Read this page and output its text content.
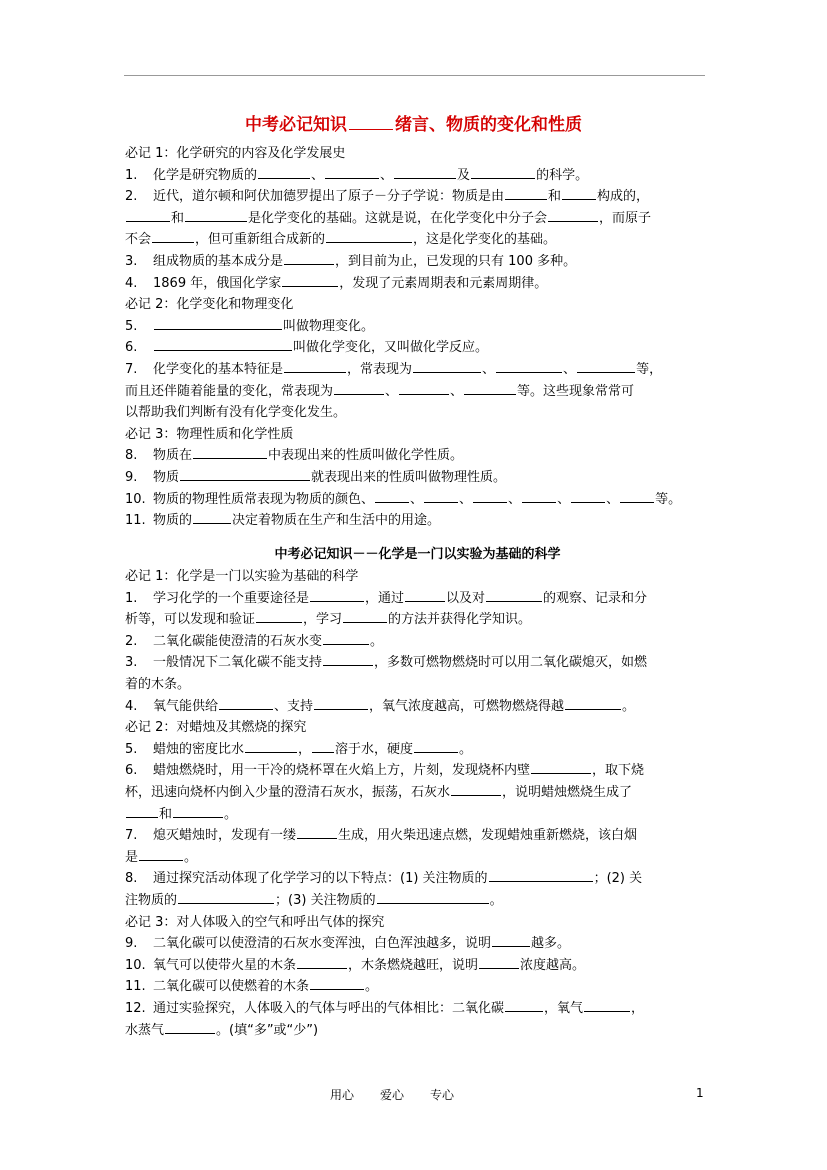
中考必记知识	绪言、物质的变化和性质
必记 1：化学研究的内容及化学发展史
1. 化学是研究物质的	、	、	及	的科学。
2. 近代，道尔顿和阿伏加德罗提出了原子－分子学说：物质是由	和	构成的，
和	是化学变化的基础。这就是说，在化学变化中分子会	，而原子
不会	，但可重新组合成新的	，这是化学变化的基础。
3. 组成物质的基本成分是	，到目前为止，已发现的只有 100 多种。
4. 1869 年，俄国化学家	，发现了元素周期表和元素周期律。
必记 2：化学变化和物理变化
5.	叫做物理变化。
6.	叫做化学变化，又叫做化学反应。
7. 化学变化的基本特征是	，常表现为	、	、	等，
而且还伴随着能量的变化，常表现为	、	、	等。这些现象常常可
以帮助我们判断有没有化学变化发生。
必记 3：物理性质和化学性质
8. 物质在	中表现出来的性质叫做化学性质。
9. 物质	就表现出来的性质叫做物理性质。
10. 物质的物理性质常表现为物质的颜色、	、	、	、	、	、	等。
11. 物质的	决定着物质在生产和生活中的用途。
中考必记知识－－化学是一门以实验为基础的科学
必记 1：化学是一门以实验为基础的科学
1. 学习化学的一个重要途径是	，通过	以及对	的观察、记录和分
析等，可以发现和验证	，学习	的方法并获得化学知识。
2. 二氧化碳能使澄清的石灰水变	。
3. 一般情况下二氧化碳不能支持	，多数可燃物燃烧时可以用二氧化碳熄灭，如燃
着的木条。
4. 氧气能供给	、支持	，氧气浓度越高，可燃物燃烧得越	。
必记 2：对蜡烛及其燃烧的探究
5. 蜡烛的密度比水	， 溶于水，硬度	。
6. 蜡烛燃烧时，用一干冷的烧杯罩在火焰上方，片刻，发现烧杯内壁	，取下烧
杯，迅速向烧杯内倒入少量的澄清石灰水，振荡，石灰水	，说明蜡烛燃烧生成了
和	。
7. 熄灭蜡烛时，发现有一缕	生成，用火柴迅速点燃，发现蜡烛重新燃烧，该白烟
是	。
8. 通过探究活动体现了化学学习的以下特点：(1) 关注物质的	；(2) 关
注物质的	；(3) 关注物质的	。
必记 3：对人体吸入的空气和呼出气体的探究
9. 二氧化碳可以使澄清的石灰水变浑浊，白色浑浊越多，说明	越多。
10. 氧气可以使带火星的木条	，木条燃烧越旺，说明	浓度越高。
11. 二氧化碳可以使燃着的木条	。
12. 通过实验探究，人体吸入的气体与呼出的气体相比：二氧化碳	，氧气	，
水蒸气	。(填“多”或“少”)
用心 爱心 专心	1
